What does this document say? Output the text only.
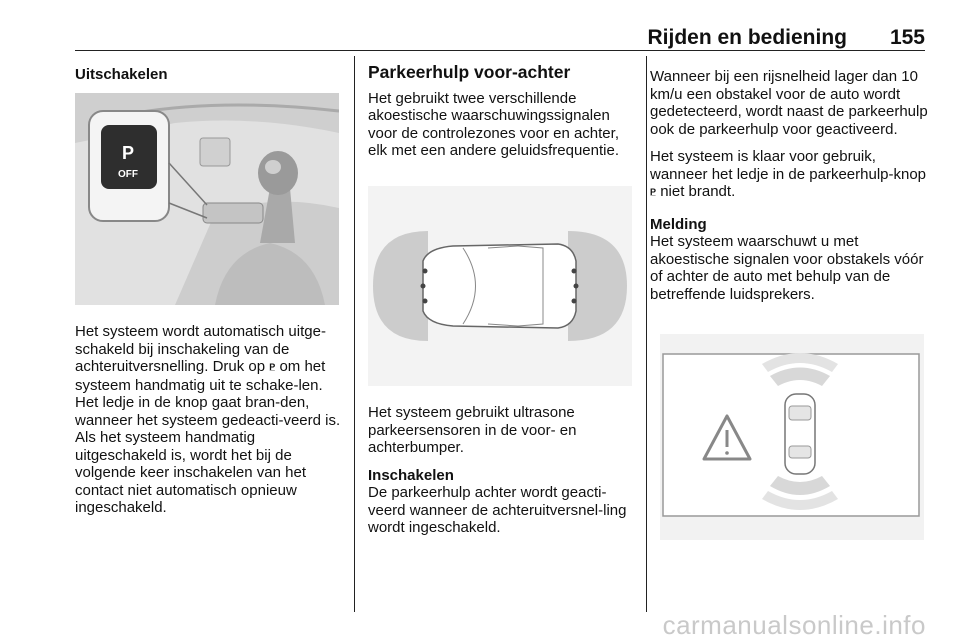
Rijden en bediening 155
Uitschakelen
P
OFF

Het systeem wordt automatisch uitge-schakeld bij inschakeling van de achteruitversnelling. Druk op P̲ om het systeem handmatig uit te schake-len. Het ledje in de knop gaat bran-den, wanneer het systeem gedeacti-veerd is. Als het systeem handmatig uitgeschakeld is, wordt het bij de volgende keer inschakelen van het contact niet automatisch opnieuw ingeschakeld.

Parkeerhulp voor-achter

Het gebruikt twee verschillende akoestische waarschuwingssignalen voor de controlezones voor en achter, elk met een andere geluidsfrequentie.

Het systeem gebruikt ultrasone parkeersensoren in de voor- en achterbumper.

Inschakelen

De parkeerhulp achter wordt geacti-veerd wanneer de achteruitversnel-ling wordt ingeschakeld.

Wanneer bij een rijsnelheid lager dan 10 km/u een obstakel voor de auto wordt gedetecteerd, wordt naast de parkeerhulp ook de parkeerhulp voor geactiveerd.

Het systeem is klaar voor gebruik, wanneer het ledje in de parkeerhulp-knop P̲ niet brandt.

Melding

Het systeem waarschuwt u met akoestische signalen voor obstakels vóór of achter de auto met behulp van de betreffende luidsprekers.

carmanualsonline.info
